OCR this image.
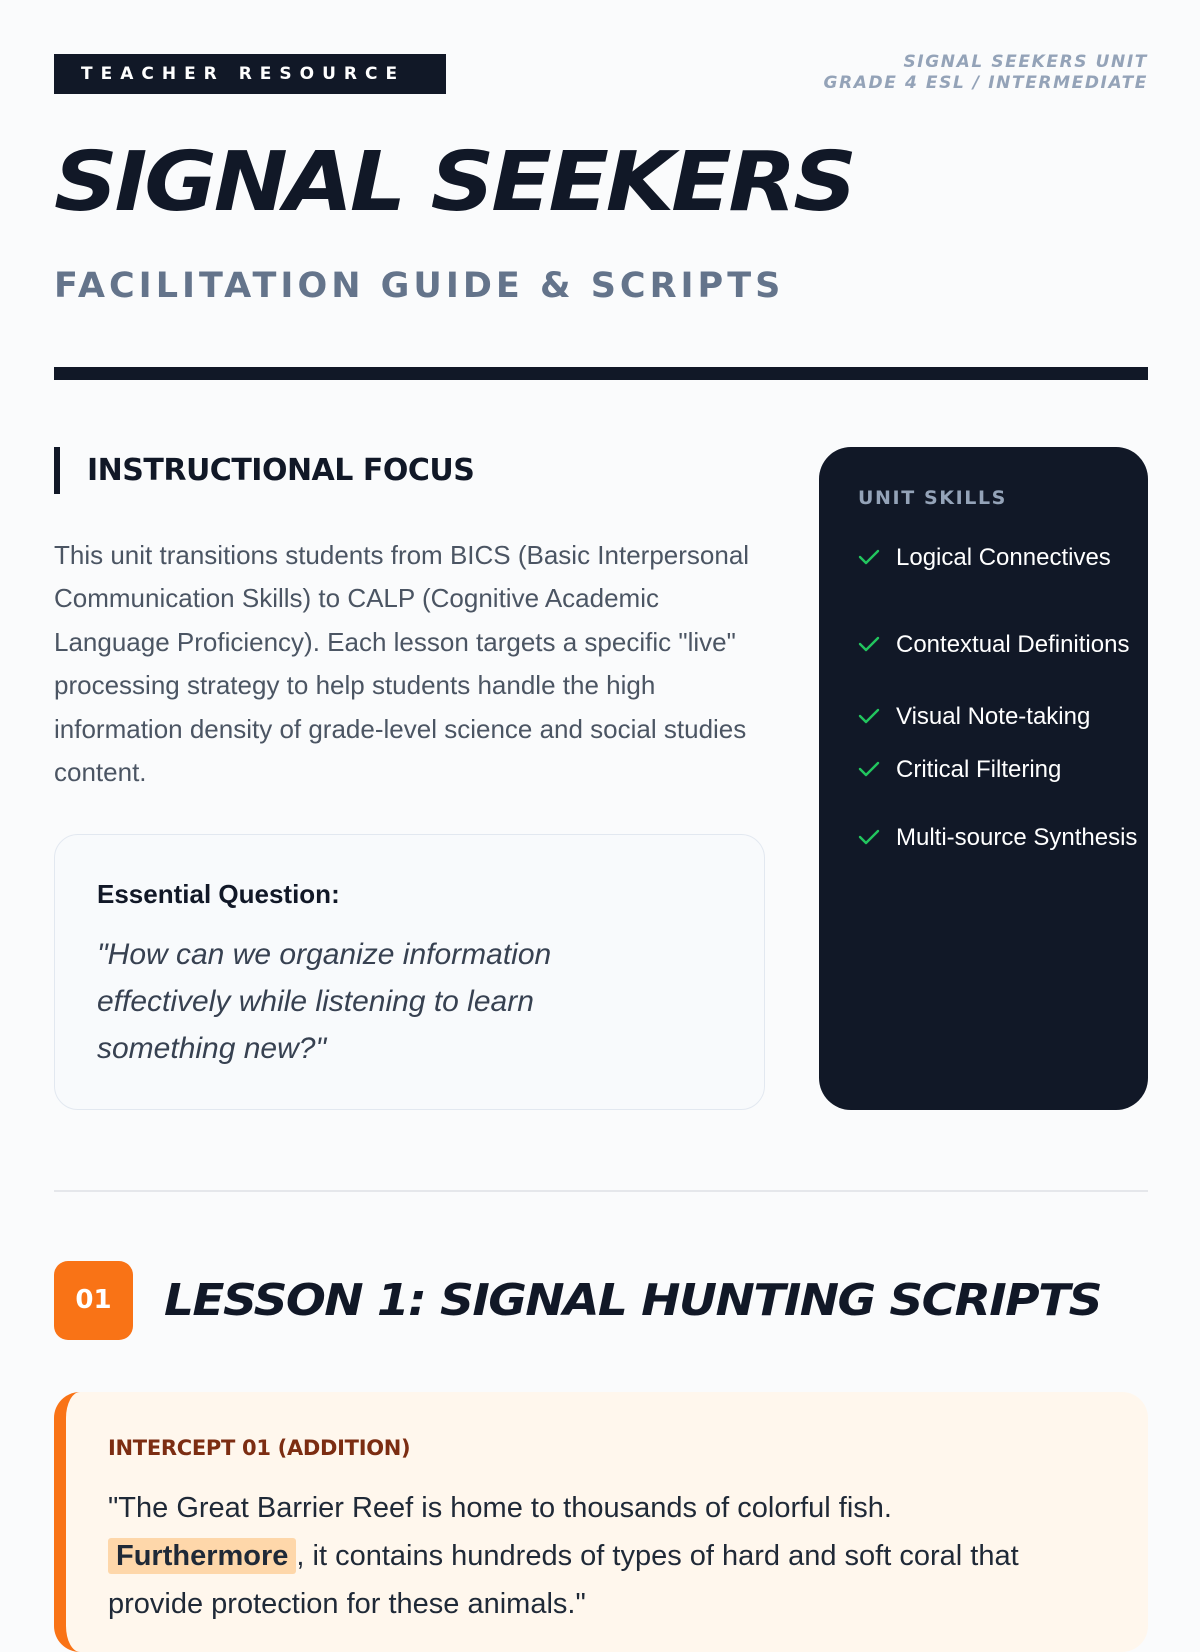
TEACHER RESOURCE
SIGNAL SEEKERS UNIT
GRADE 4 ESL / INTERMEDIATE
SIGNAL SEEKERS
FACILITATION GUIDE & SCRIPTS
INSTRUCTIONAL FOCUS

This unit transitions students from BICS (Basic Interpersonal Communication Skills) to CALP (Cognitive Academic Language Proficiency). Each lesson targets a specific "live" processing strategy to help students handle the high information density of grade-level science and social studies content.

Essential Question:
"How can we organize information effectively while listening to learn something new?"
UNIT SKILLS
Logical Connectives
Contextual Definitions
Visual Note-taking
Critical Filtering
Multi-source Synthesis
01	LESSON 1: SIGNAL HUNTING SCRIPTS
INTERCEPT 01 (ADDITION)

"The Great Barrier Reef is home to thousands of colorful fish.
Furthermore , it contains hundreds of types of hard and soft coral that provide protection for these animals."
